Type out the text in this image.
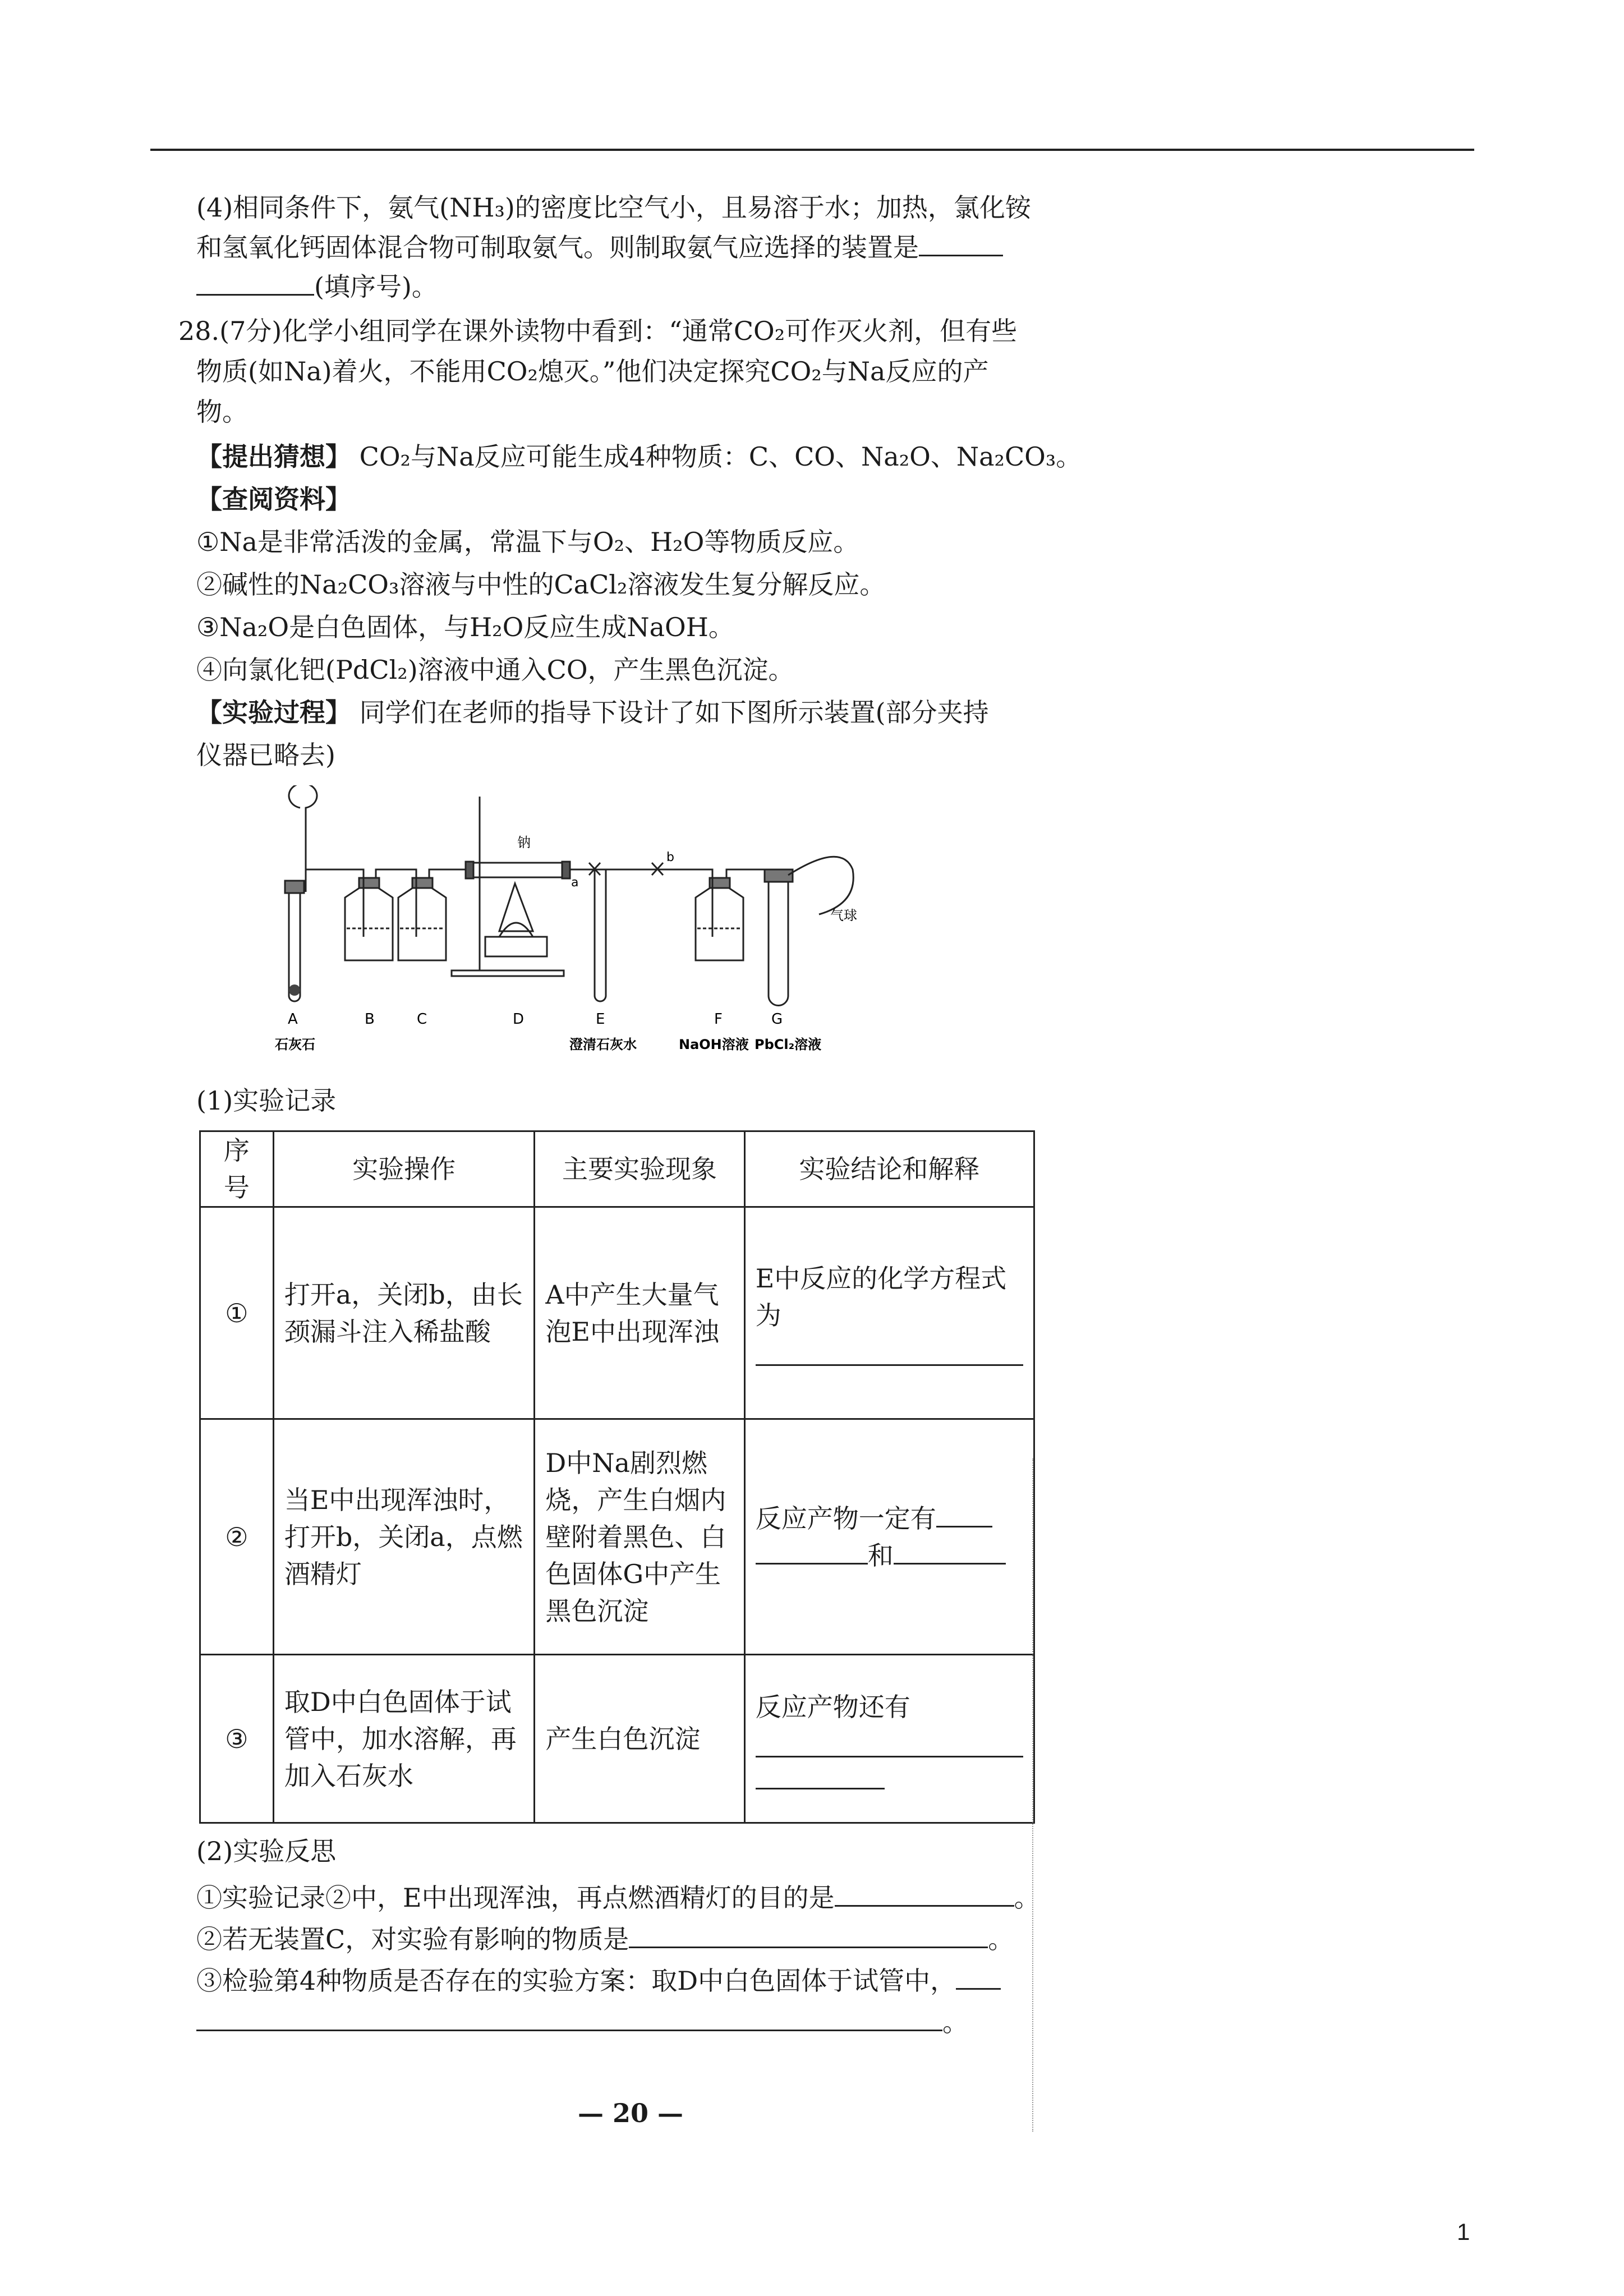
(4)相同条件下，氨气(NH₃)的密度比空气小，且易溶于水；加热，氯化铵
和氢氧化钙固体混合物可制取氨气。则制取氨气应选择的装置是
(填序号)。
28.(7分)化学小组同学在课外读物中看到：“通常CO₂可作灭火剂，但有些
物质(如Na)着火，不能用CO₂熄灭。”他们决定探究CO₂与Na反应的产
物。
【提出猜想】 CO₂与Na反应可能生成4种物质：C、CO、Na₂O、Na₂CO₃。
【查阅资料】
①Na是非常活泼的金属，常温下与O₂、H₂O等物质反应。
②碱性的Na₂CO₃溶液与中性的CaCl₂溶液发生复分解反应。
③Na₂O是白色固体，与H₂O反应生成NaOH。
④向氯化钯(PdCl₂)溶液中通入CO，产生黑色沉淀。
【实验过程】 同学们在老师的指导下设计了如下图所示装置(部分夹持
仪器已略去)
a
b
钠
气球
A	B	C	D	E	F	G
石灰石	澄清石灰水	NaOH溶液 PbCl₂溶液
(1)实验记录
序号	实验操作	主要实验现象	实验结论和解释
①	打开a，关闭b，由长颈漏斗注入稀盐酸	A中产生大量气泡E中出现浑浊	E中反应的化学方程式为

②	当E中出现浑浊时，打开b，关闭a，点燃酒精灯	D中Na剧烈燃烧，产生白烟内壁附着黑色、白色固体G中产生黑色沉淀	反应产物一定有
和
③	取D中白色固体于试管中，加水溶解，再加入石灰水	产生白色沉淀	反应产物还有
(2)实验反思
①实验记录②中，E中出现浑浊，再点燃酒精灯的目的是	。
②若无装置C，对实验有影响的物质是	。
③检验第4种物质是否存在的实验方案：取D中白色固体于试管中，
。
— 20 —
1
